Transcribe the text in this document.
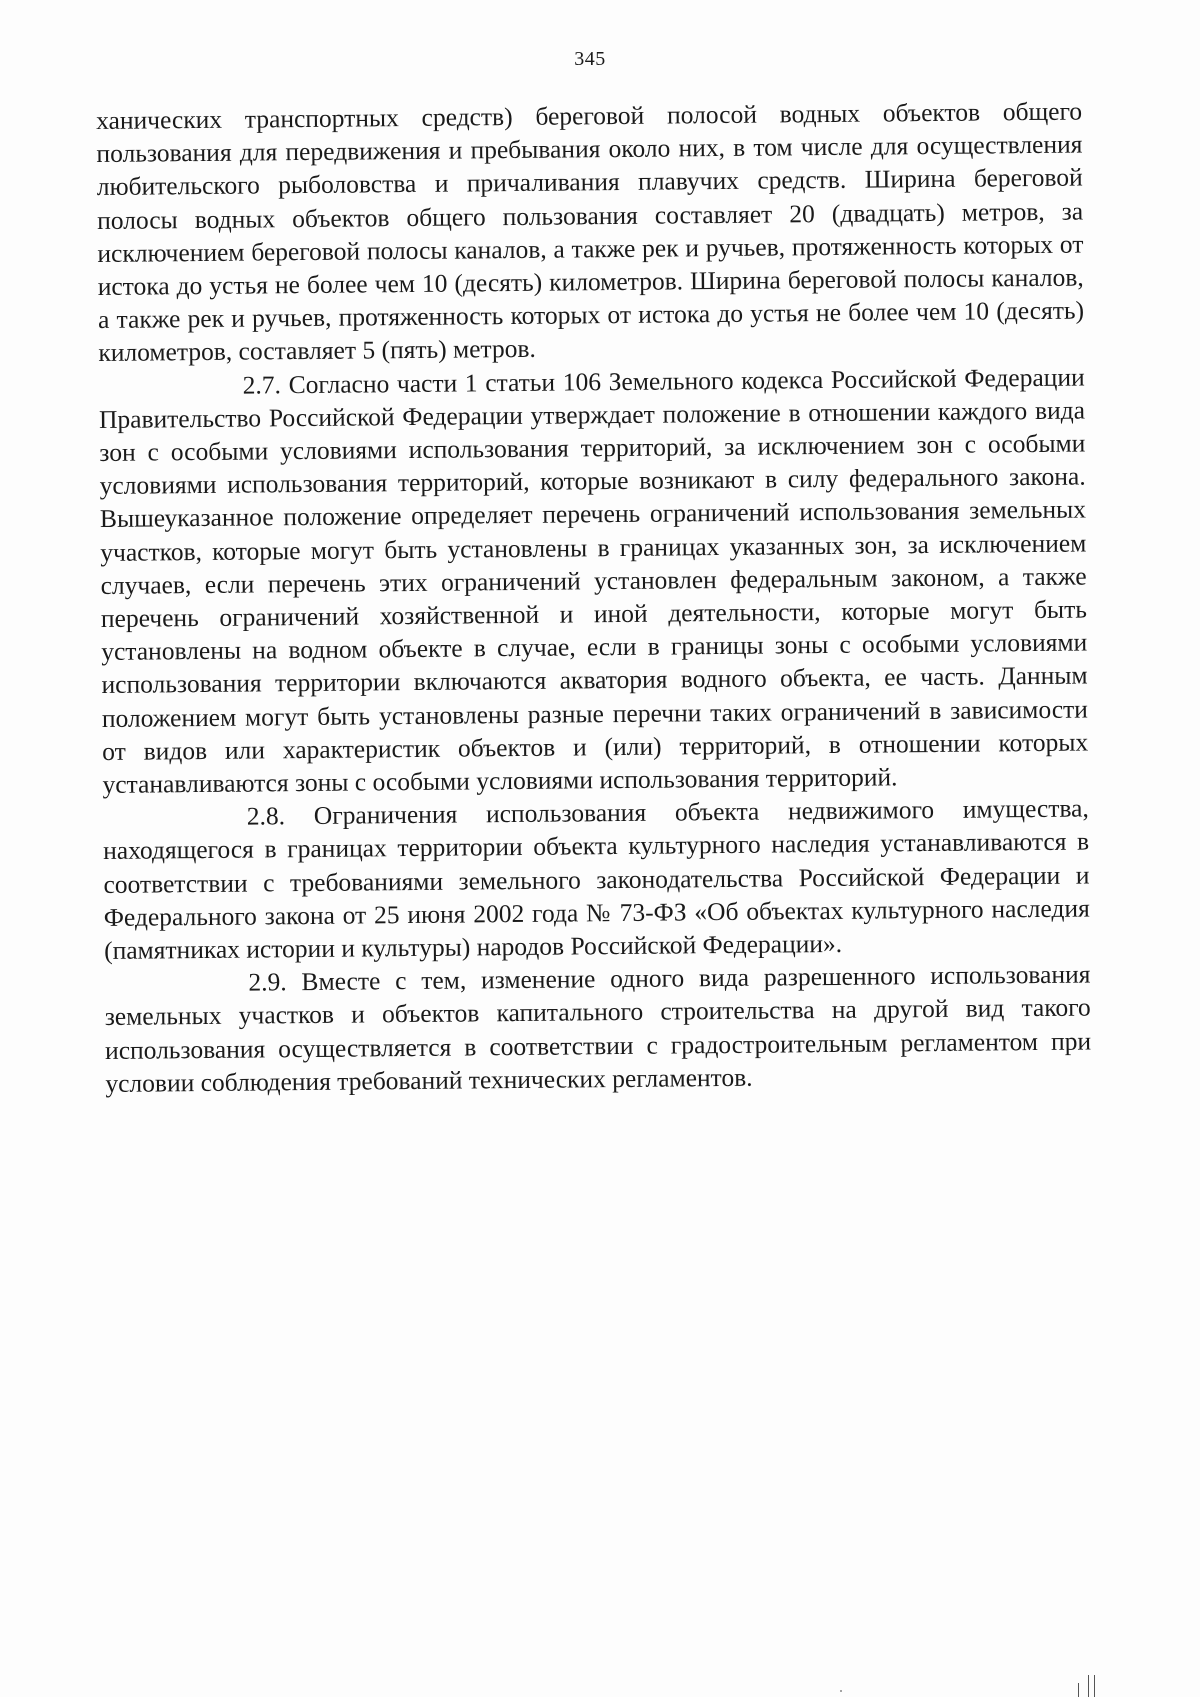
345

ханических транспортных средств) береговой полосой водных объектов общего пользования для передвижения и пребывания около них, в том числе для осуществления любительского рыболовства и причаливания плавучих средств. Ширина береговой полосы водных объектов общего пользования составляет 20 (двадцать) метров, за исключением береговой полосы каналов, а также рек и ручьев, протяженность которых от истока до устья не более чем 10 (десять) километров. Ширина береговой полосы каналов, а также рек и ручьев, протяженность которых от истока до устья не более чем 10 (десять) километров, составляет 5 (пять) метров.

2.7. Согласно части 1 статьи 106 Земельного кодекса Российской Федерации Правительство Российской Федерации утверждает положение в отношении каждого вида зон с особыми условиями использования территорий, за исключением зон с особыми условиями использования территорий, которые возникают в силу федерального закона. Вышеуказанное положение определяет перечень ограничений использования земельных участков, которые могут быть установлены в границах указанных зон, за исключением случаев, если перечень этих ограничений установлен федеральным законом, а также перечень ограничений хозяйственной и иной деятельности, которые могут быть установлены на водном объекте в случае, если в границы зоны с особыми условиями использования территории включаются акватория водного объекта, ее часть. Данным положением могут быть установлены разные перечни таких ограничений в зависимости от видов или характеристик объектов и (или) территорий, в отношении которых устанавливаются зоны с особыми условиями использования территорий.

2.8. Ограничения использования объекта недвижимого имущества, находящегося в границах территории объекта культурного наследия устанавливаются в соответствии с требованиями земельного законодательства Российской Федерации и Федерального закона от 25 июня 2002 года № 73-ФЗ «Об объектах культурного наследия (памятниках истории и культуры) народов Российской Федерации».

2.9. Вместе с тем, изменение одного вида разрешенного использования земельных участков и объектов капитального строительства на другой вид такого использования осуществляется в соответствии с градостроительным регламентом при условии соблюдения требований технических регламентов.
